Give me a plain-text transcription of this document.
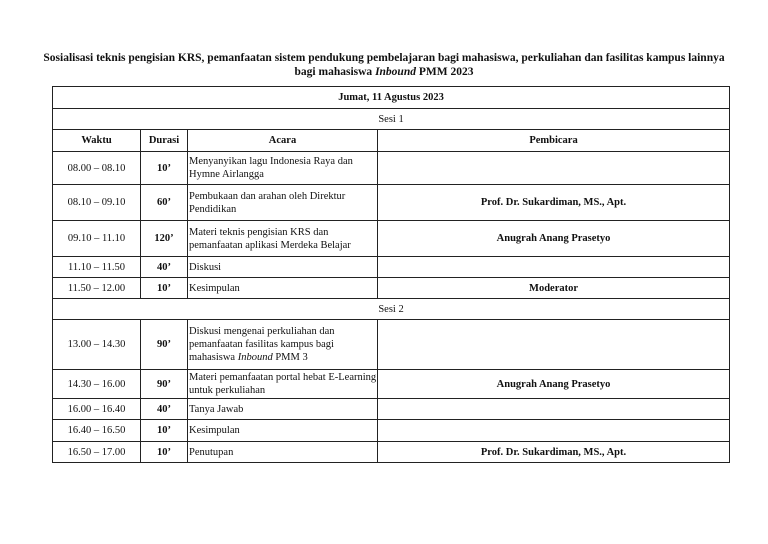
Sosialisasi teknis pengisian KRS, pemanfaatan sistem pendukung pembelajaran bagi mahasiswa, perkuliahan dan fasilitas kampus lainnya
bagi mahasiswa Inbound PMM 2023
Jumat, 11 Agustus 2023			
Sesi 1			
Waktu	Durasi	Acara	Pembicara
08.00 – 08.10	10’	Menyanyikan lagu Indonesia Raya dan Hymne Airlangga	
08.10 – 09.10	60’	Pembukaan dan arahan oleh Direktur Pendidikan	Prof. Dr. Sukardiman, MS., Apt.
09.10 – 11.10	120’	Materi teknis pengisian KRS dan pemanfaatan aplikasi Merdeka Belajar	Anugrah Anang Prasetyo
11.10 – 11.50	40’	Diskusi	
11.50 – 12.00	10’	Kesimpulan	Moderator
Sesi 2			
13.00 – 14.30	90’	Diskusi mengenai perkuliahan dan pemanfaatan fasilitas kampus bagi mahasiswa Inbound PMM 3	
14.30 – 16.00	90’	Materi pemanfaatan portal hebat E-Learning untuk perkuliahan	Anugrah Anang Prasetyo
16.00 – 16.40	40’	Tanya Jawab	
16.40 – 16.50	10’	Kesimpulan	
16.50 – 17.00	10’	Penutupan	Prof. Dr. Sukardiman, MS., Apt.
